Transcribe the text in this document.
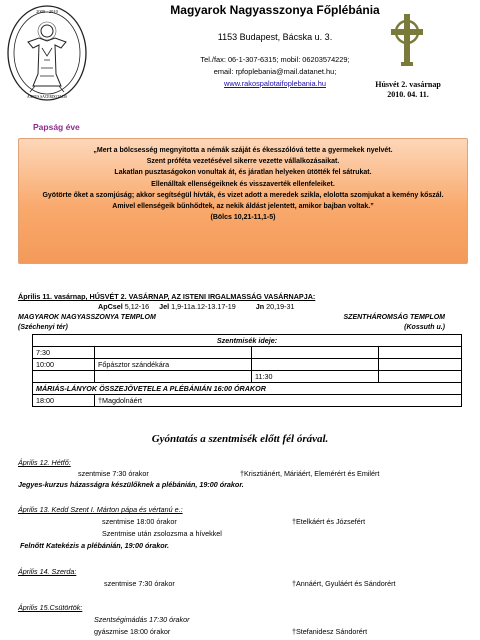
2009 - 2010
ANNUS SACERDOTALIS
Magyarok Nagyasszonya Főplébánia
1153 Budapest, Bácska u. 3.
Tel./fax: 06-1-307-6315; mobil: 06203574229;
email: rpfoplebania@mail.datanet.hu;
www.rakospalotaifoplebania.hu	Húsvét 2. vasárnap
2010. 04. 11.
Papság éve
„Mert a bölcsesség megnyitotta a némák száját és ékesszólóvá tette a gyermekek nyelvét.
Szent próféta vezetésével sikerre vezette vállalkozásaikat.
Lakatlan pusztaságokon vonultak át, és járatlan helyeken ütötték fel sátrukat.
Ellenálltak ellenségeiknek és visszaverték ellenfeleiket.
Gyötörte őket a szomjúság; akkor segítségül hívták, és vizet adott a meredek szikla, elolotta szomjukat a kemény kőszál.
Amivel ellenségeik bűnhődtek, az nekik áldást jelentett, amikor bajban voltak.”
(Bölcs 10,21-11,1-5)
Április 11. vasárnap, HÚSVÉT 2. VASÁRNAP, AZ ISTENI IRGALMASSÁG VASÁRNAPJA:
ApCsel 5,12-16 Jel 1,9-11a.12-13.17-19	Jn 20,19-31
MAGYAROK NAGYASSZONYA TEMPLOM
(Széchenyi tér)
SZENTHÁROMSÁG TEMPLOM
(Kossuth u.)
Szentmisék ideje:			
7:30			
10:00	Főpásztor szándékára		
		11:30	
MÁRIÁS-LÁNYOK ÖSSZEJÖVETELE A PLÉBÁNIÁN 16:00 ÓRAKOR			
18:00	†Magdolnáért		
Gyóntatás a szentmisék előtt fél órával.
Április 12. Hétfő:
szentmise 7:30 órakor	†Krisztiánért, Máriáért, Elemérért és Emilért
Jegyes-kurzus házasságra készülőknek a plébánián, 19:00 órakor.
Április 13. Kedd Szent I. Márton pápa és vértanú e.:
szentmise 18:00 órakor	†Etelkáért és Józsefért
Szentmise után zsolozsma a hívekkel
Felnőtt Katekézis a plébánián, 19:00 órakor.
Április 14. Szerda:
szentmise 7:30 órakor	†Annáért, Gyuláért és Sándorért
Április 15.Csütörtök:
Szentségimádás 17:30 órakor
gyászmise 18:00 órakor	†Stefanidesz Sándorért
